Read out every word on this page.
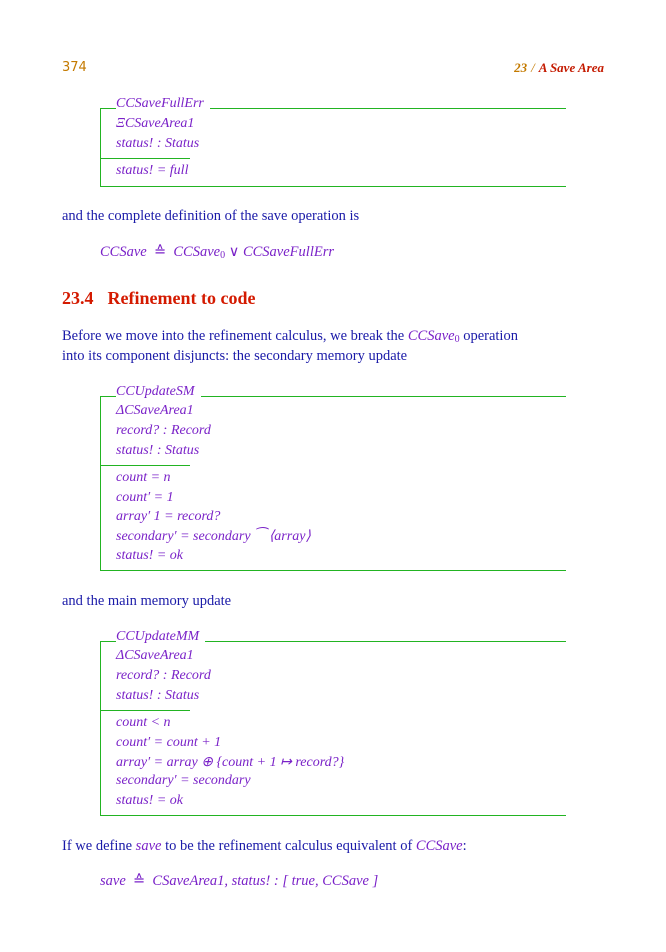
374	23 / A Save Area
CCSaveFullErr
ΞCSaveArea1
status! : Status
status! = full
and the complete definition of the save operation is
CCSave ≙ CCSave$_0$ ∨ CCSaveFullErr
23.4 Refinement to code
Before we move into the refinement calculus, we break the CCSave$_0$ operation
into its component disjuncts: the secondary memory update
CCUpdateSM
ΔCSaveArea1
record? : Record
status! : Status
count = n
count′ = 1
array′ 1 = record?
secondary′ = secondary ⁀ ⟨array⟩
status! = ok
and the main memory update
CCUpdateMM
ΔCSaveArea1
record? : Record
status! : Status
count < n
count′ = count + 1
array′ = array ⊕ {count + 1 ↦ record?}
secondary′ = secondary
status! = ok
If we define save to be the refinement calculus equivalent of CCSave:
save ≙ CSaveArea1, status! : [ true, CCSave ]
